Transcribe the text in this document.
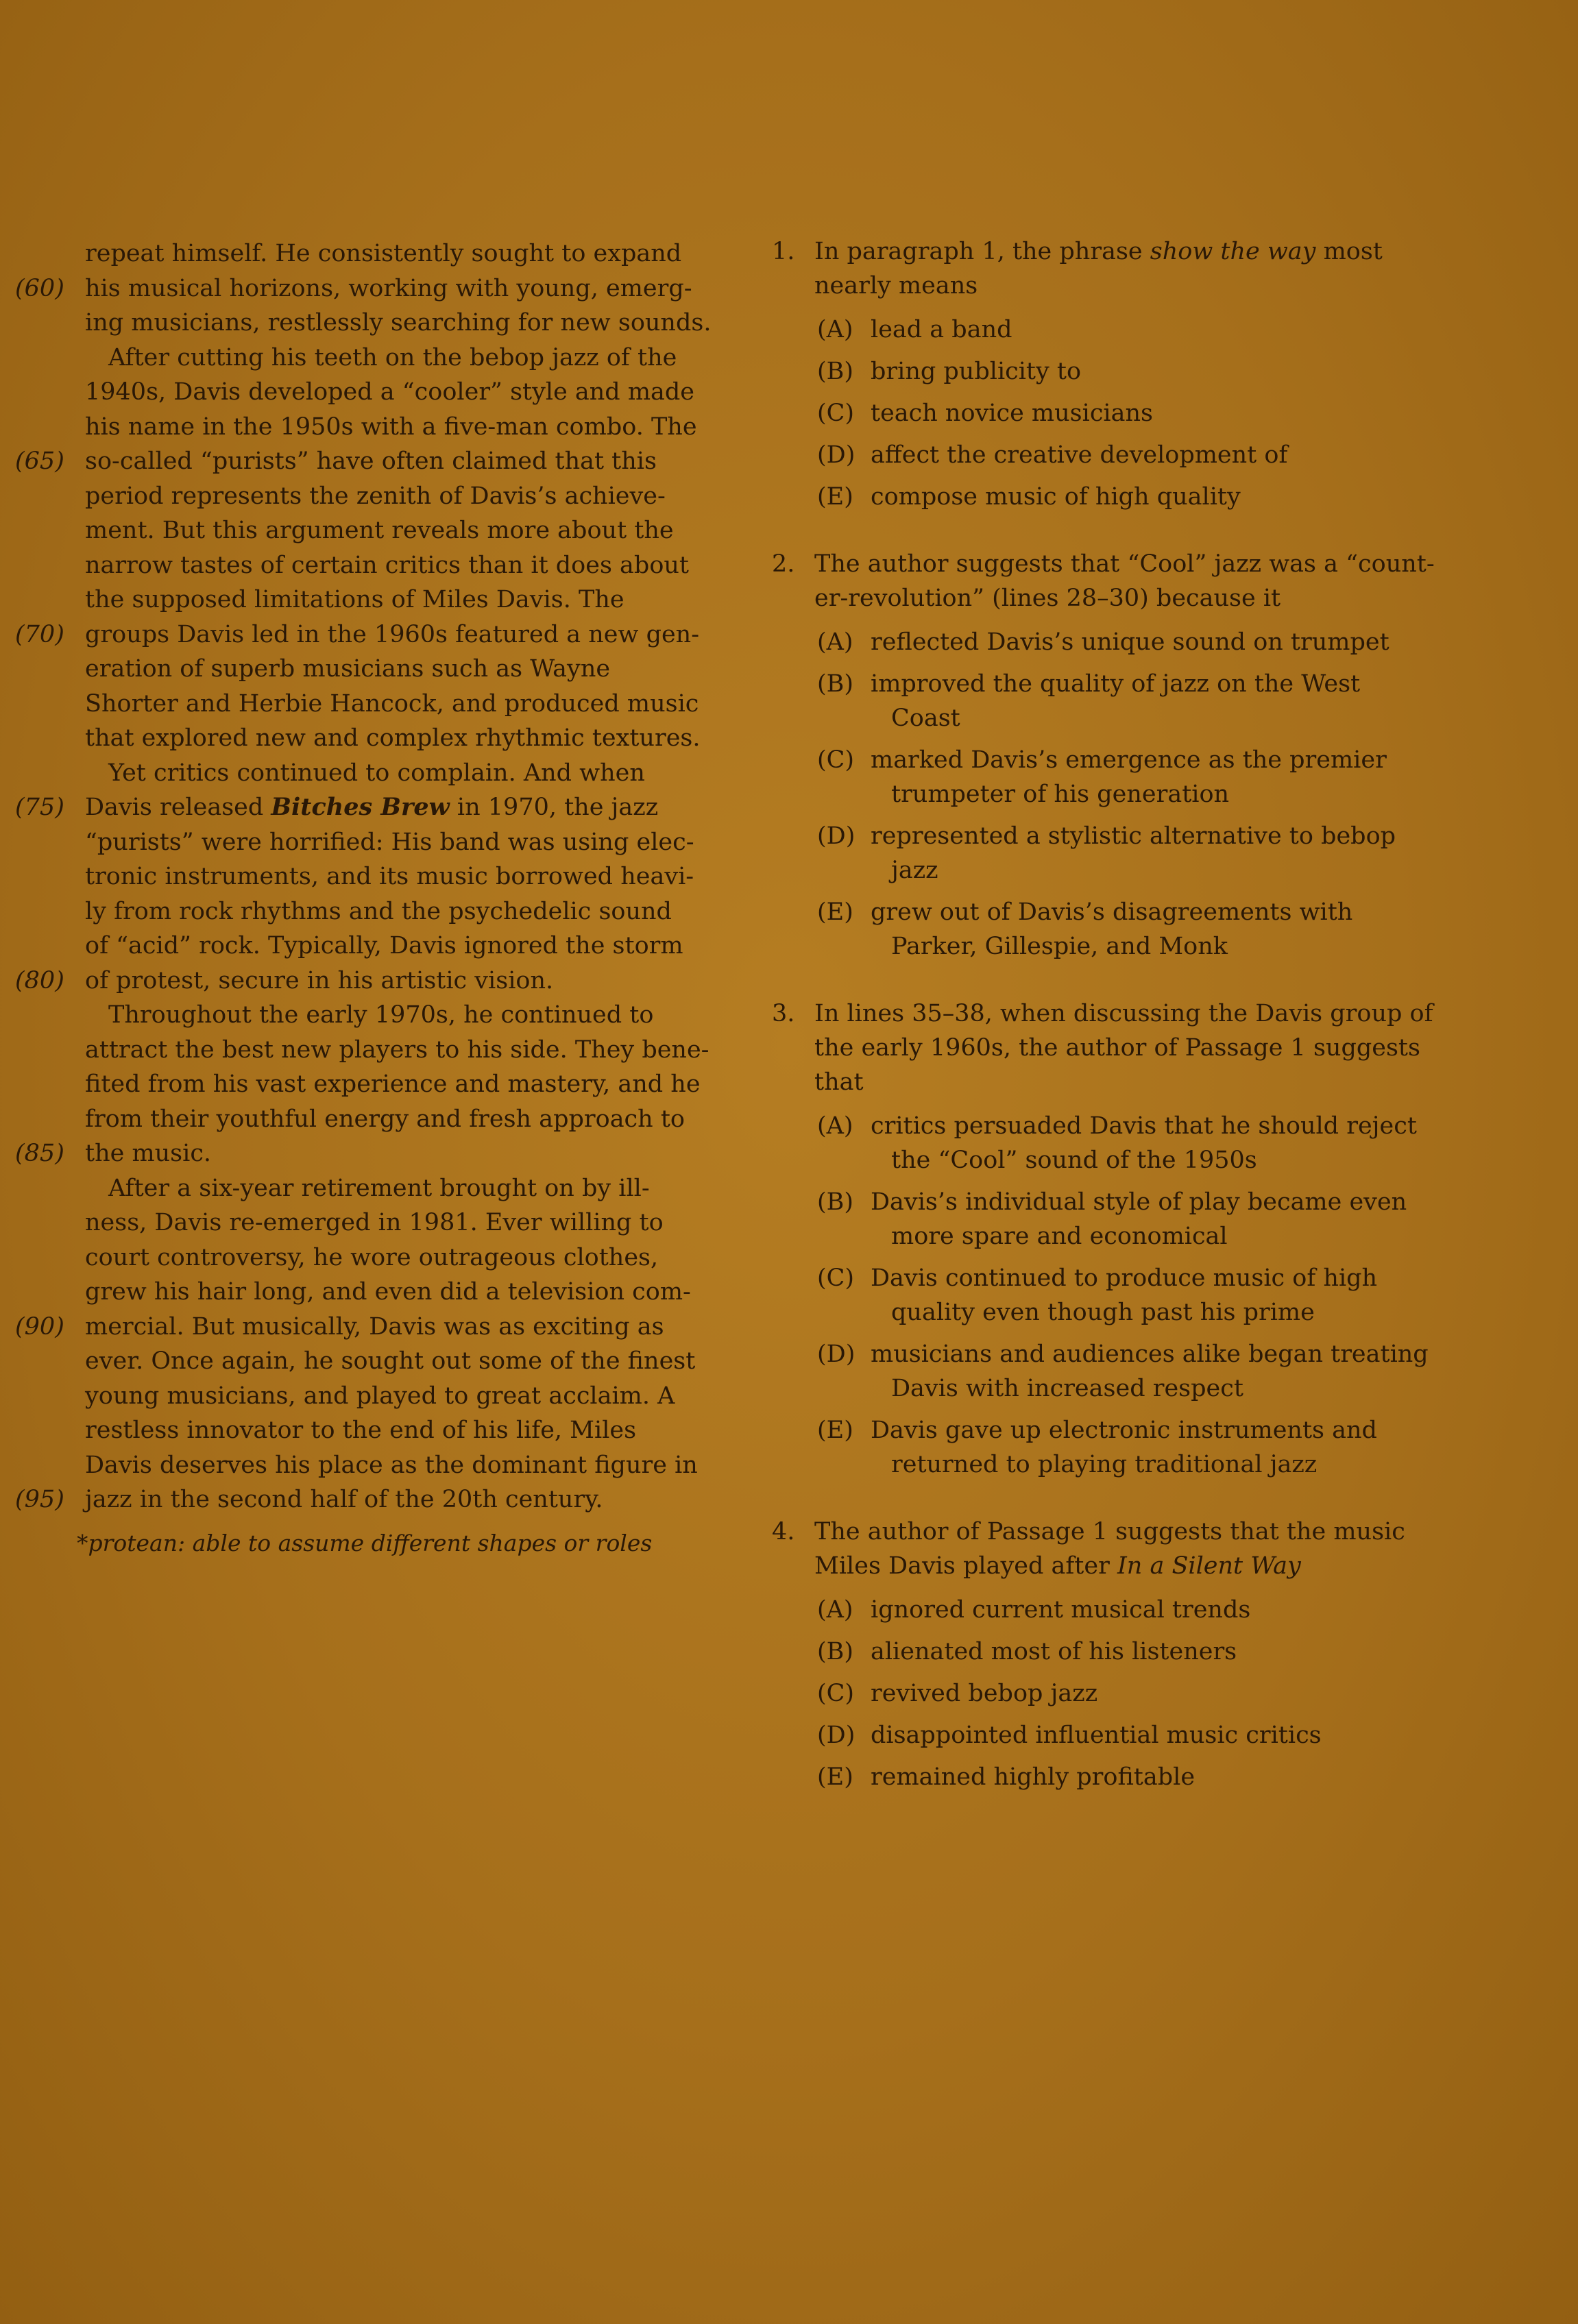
repeat himself. He consistently sought to expand
(60) his musical horizons, working with young, emerg-
ing musicians, restlessly searching for new sounds.
After cutting his teeth on the bebop jazz of the
1940s, Davis developed a “cooler” style and made
his name in the 1950s with a five-man combo. The
(65) so-called “purists” have often claimed that this
period represents the zenith of Davis’s achieve-
ment. But this argument reveals more about the
narrow tastes of certain critics than it does about
the supposed limitations of Miles Davis. The
(70) groups Davis led in the 1960s featured a new gen-
eration of superb musicians such as Wayne
Shorter and Herbie Hancock, and produced music
that explored new and complex rhythmic textures.
Yet critics continued to complain. And when
(75) Davis released Bitches Brew in 1970, the jazz
“purists” were horrified: His band was using elec-
tronic instruments, and its music borrowed heavi-
ly from rock rhythms and the psychedelic sound
of “acid” rock. Typically, Davis ignored the storm
(80) of protest, secure in his artistic vision.
Throughout the early 1970s, he continued to
attract the best new players to his side. They bene-
fited from his vast experience and mastery, and he
from their youthful energy and fresh approach to
(85) the music.
After a six-year retirement brought on by ill-
ness, Davis re-emerged in 1981. Ever willing to
court controversy, he wore outrageous clothes,
grew his hair long, and even did a television com-
(90) mercial. But musically, Davis was as exciting as
ever. Once again, he sought out some of the finest
young musicians, and played to great acclaim. A
restless innovator to the end of his life, Miles
Davis deserves his place as the dominant figure in
(95) jazz in the second half of the 20th century.
*protean: able to assume different shapes or roles
1. In paragraph 1, the phrase show the way most
nearly means
(A) lead a band
(B) bring publicity to
(C) teach novice musicians
(D) affect the creative development of
(E) compose music of high quality
2. The author suggests that “Cool” jazz was a “count-
er-revolution” (lines 28–30) because it
(A) reflected Davis’s unique sound on trumpet
(B) improved the quality of jazz on the West
Coast
(C) marked Davis’s emergence as the premier
trumpeter of his generation
(D) represented a stylistic alternative to bebop
jazz
(E) grew out of Davis’s disagreements with
Parker, Gillespie, and Monk
3. In lines 35–38, when discussing the Davis group of
the early 1960s, the author of Passage 1 suggests
that
(A) critics persuaded Davis that he should reject
the “Cool” sound of the 1950s
(B) Davis’s individual style of play became even
more spare and economical
(C) Davis continued to produce music of high
quality even though past his prime
(D) musicians and audiences alike began treating
Davis with increased respect
(E) Davis gave up electronic instruments and
returned to playing traditional jazz
4. The author of Passage 1 suggests that the music
Miles Davis played after In a Silent Way
(A) ignored current musical trends
(B) alienated most of his listeners
(C) revived bebop jazz
(D) disappointed influential music critics
(E) remained highly profitable
